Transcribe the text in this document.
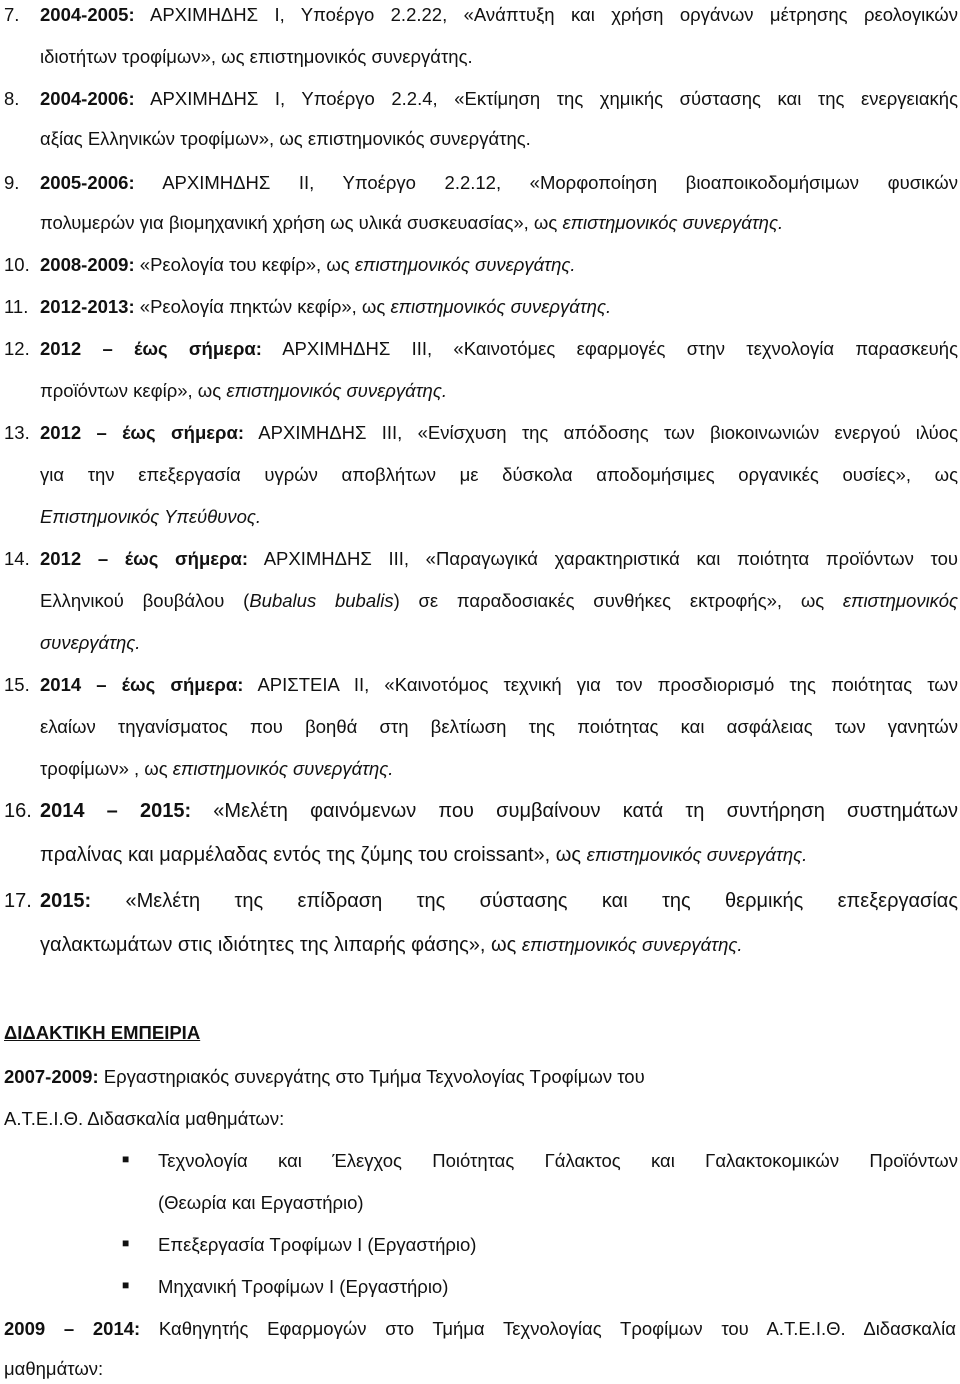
7. 2004-2005: ΑΡΧΙΜΗΔΗΣ Ι, Υποέργο 2.2.22, «Ανάπτυξη και χρήση οργάνων μέτρησης ρεολογικών
ιδιοτήτων τροφίμων», ως επιστημονικός συνεργάτης.
8. 2004-2006: ΑΡΧΙΜΗΔΗΣ Ι, Υποέργο 2.2.4, «Εκτίμηση της χημικής σύστασης και της ενεργειακής
αξίας Ελληνικών τροφίμων», ως επιστημονικός συνεργάτης.
9. 2005-2006: ΑΡΧΙΜΗΔΗΣ ΙΙ, Υποέργο 2.2.12, «Μορφοποίηση βιοαποικοδομήσιμων φυσικών
πολυμερών για βιομηχανική χρήση ως υλικά συσκευασίας», ως επιστημονικός συνεργάτης.
10. 2008-2009: «Ρεολογία του κεφίρ», ως επιστημονικός συνεργάτης.
11. 2012-2013: «Ρεολογία πηκτών κεφίρ», ως επιστημονικός συνεργάτης.
12. 2012 – έως σήμερα: ΑΡΧΙΜΗΔΗΣ ΙΙΙ, «Καινοτόμες εφαρμογές στην τεχνολογία παρασκευής
προϊόντων κεφίρ», ως επιστημονικός συνεργάτης.
13. 2012 – έως σήμερα: ΑΡΧΙΜΗΔΗΣ ΙΙΙ, «Ενίσχυση της απόδοσης των βιοκοινωνιών ενεργού ιλύος
για την επεξεργασία υγρών αποβλήτων με δύσκολα αποδομήσιμες οργανικές ουσίες», ως
Επιστημονικός Υπεύθυνος.
14. 2012 – έως σήμερα: ΑΡΧΙΜΗΔΗΣ ΙΙΙ, «Παραγωγικά χαρακτηριστικά και ποιότητα προϊόντων του
Ελληνικού βουβάλου (Bubalus bubalis) σε παραδοσιακές συνθήκες εκτροφής», ως επιστημονικός
συνεργάτης.
15. 2014 – έως σήμερα: ΑΡΙΣΤΕΙΑ ΙΙ, «Καινοτόμος τεχνική για τον προσδιορισμό της ποιότητας των
ελαίων τηγανίσματος που βοηθά στη βελτίωση της ποιότητας και ασφάλειας των γανητών
τροφίμων» , ως επιστημονικός συνεργάτης.
16. 2014 – 2015: «Μελέτη φαινόμενων που συμβαίνουν κατά τη συντήρηση συστημάτων
πραλίνας και μαρμέλαδας εντός της ζύμης του croissant», ως επιστημονικός συνεργάτης.
17. 2015: «Μελέτη της επίδραση της σύστασης και της θερμικής επεξεργασίας
γαλακτωμάτων στις ιδιότητες της λιπαρής φάσης», ως επιστημονικός συνεργάτης.
ΔΙΔΑΚΤΙΚΗ ΕΜΠΕΙΡΙΑ
2007-2009: Εργαστηριακός συνεργάτης στο Τμήμα Τεχνολογίας Τροφίμων του
Α.Τ.Ε.Ι.Θ. Διδασκαλία μαθημάτων:
■ Τεχνολογία και Έλεγχος Ποιότητας Γάλακτος και Γαλακτοκομικών Προϊόντων
(Θεωρία και Εργαστήριο)
■ Επεξεργασία Τροφίμων Ι (Εργαστήριο)
■ Μηχανική Τροφίμων Ι (Εργαστήριο)
2009 – 2014: Καθηγητής Εφαρμογών στο Τμήμα Τεχνολογίας Τροφίμων του Α.Τ.Ε.Ι.Θ. Διδασκαλία
μαθημάτων:
